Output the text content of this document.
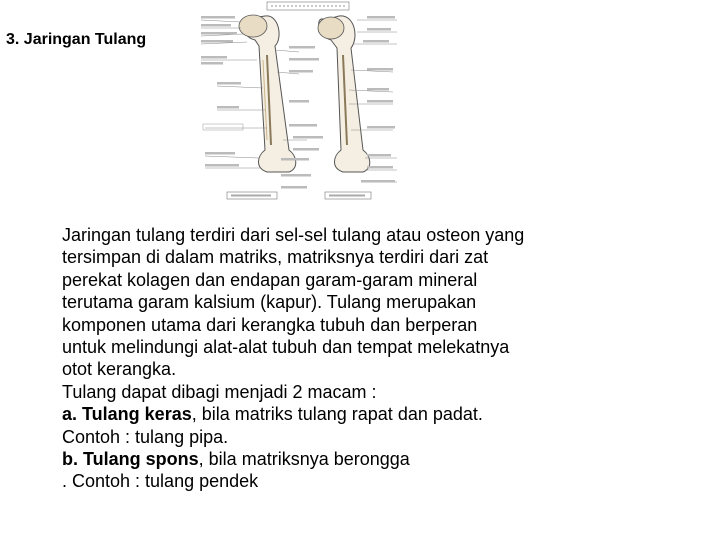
3. Jaringan Tulang

Jaringan tulang terdiri dari sel-sel tulang atau osteon yang

tersimpan di dalam matriks, matriksnya terdiri dari zat

perekat kolagen dan endapan garam-garam mineral

terutama garam kalsium (kapur). Tulang merupakan

komponen utama dari kerangka tubuh dan berperan

untuk melindungi alat-alat tubuh dan tempat melekatnya

otot kerangka.

Tulang dapat dibagi menjadi 2 macam :

a. Tulang keras, bila matriks tulang rapat dan padat.

Contoh : tulang pipa.

b. Tulang spons, bila matriksnya berongga

. Contoh : tulang pendek
